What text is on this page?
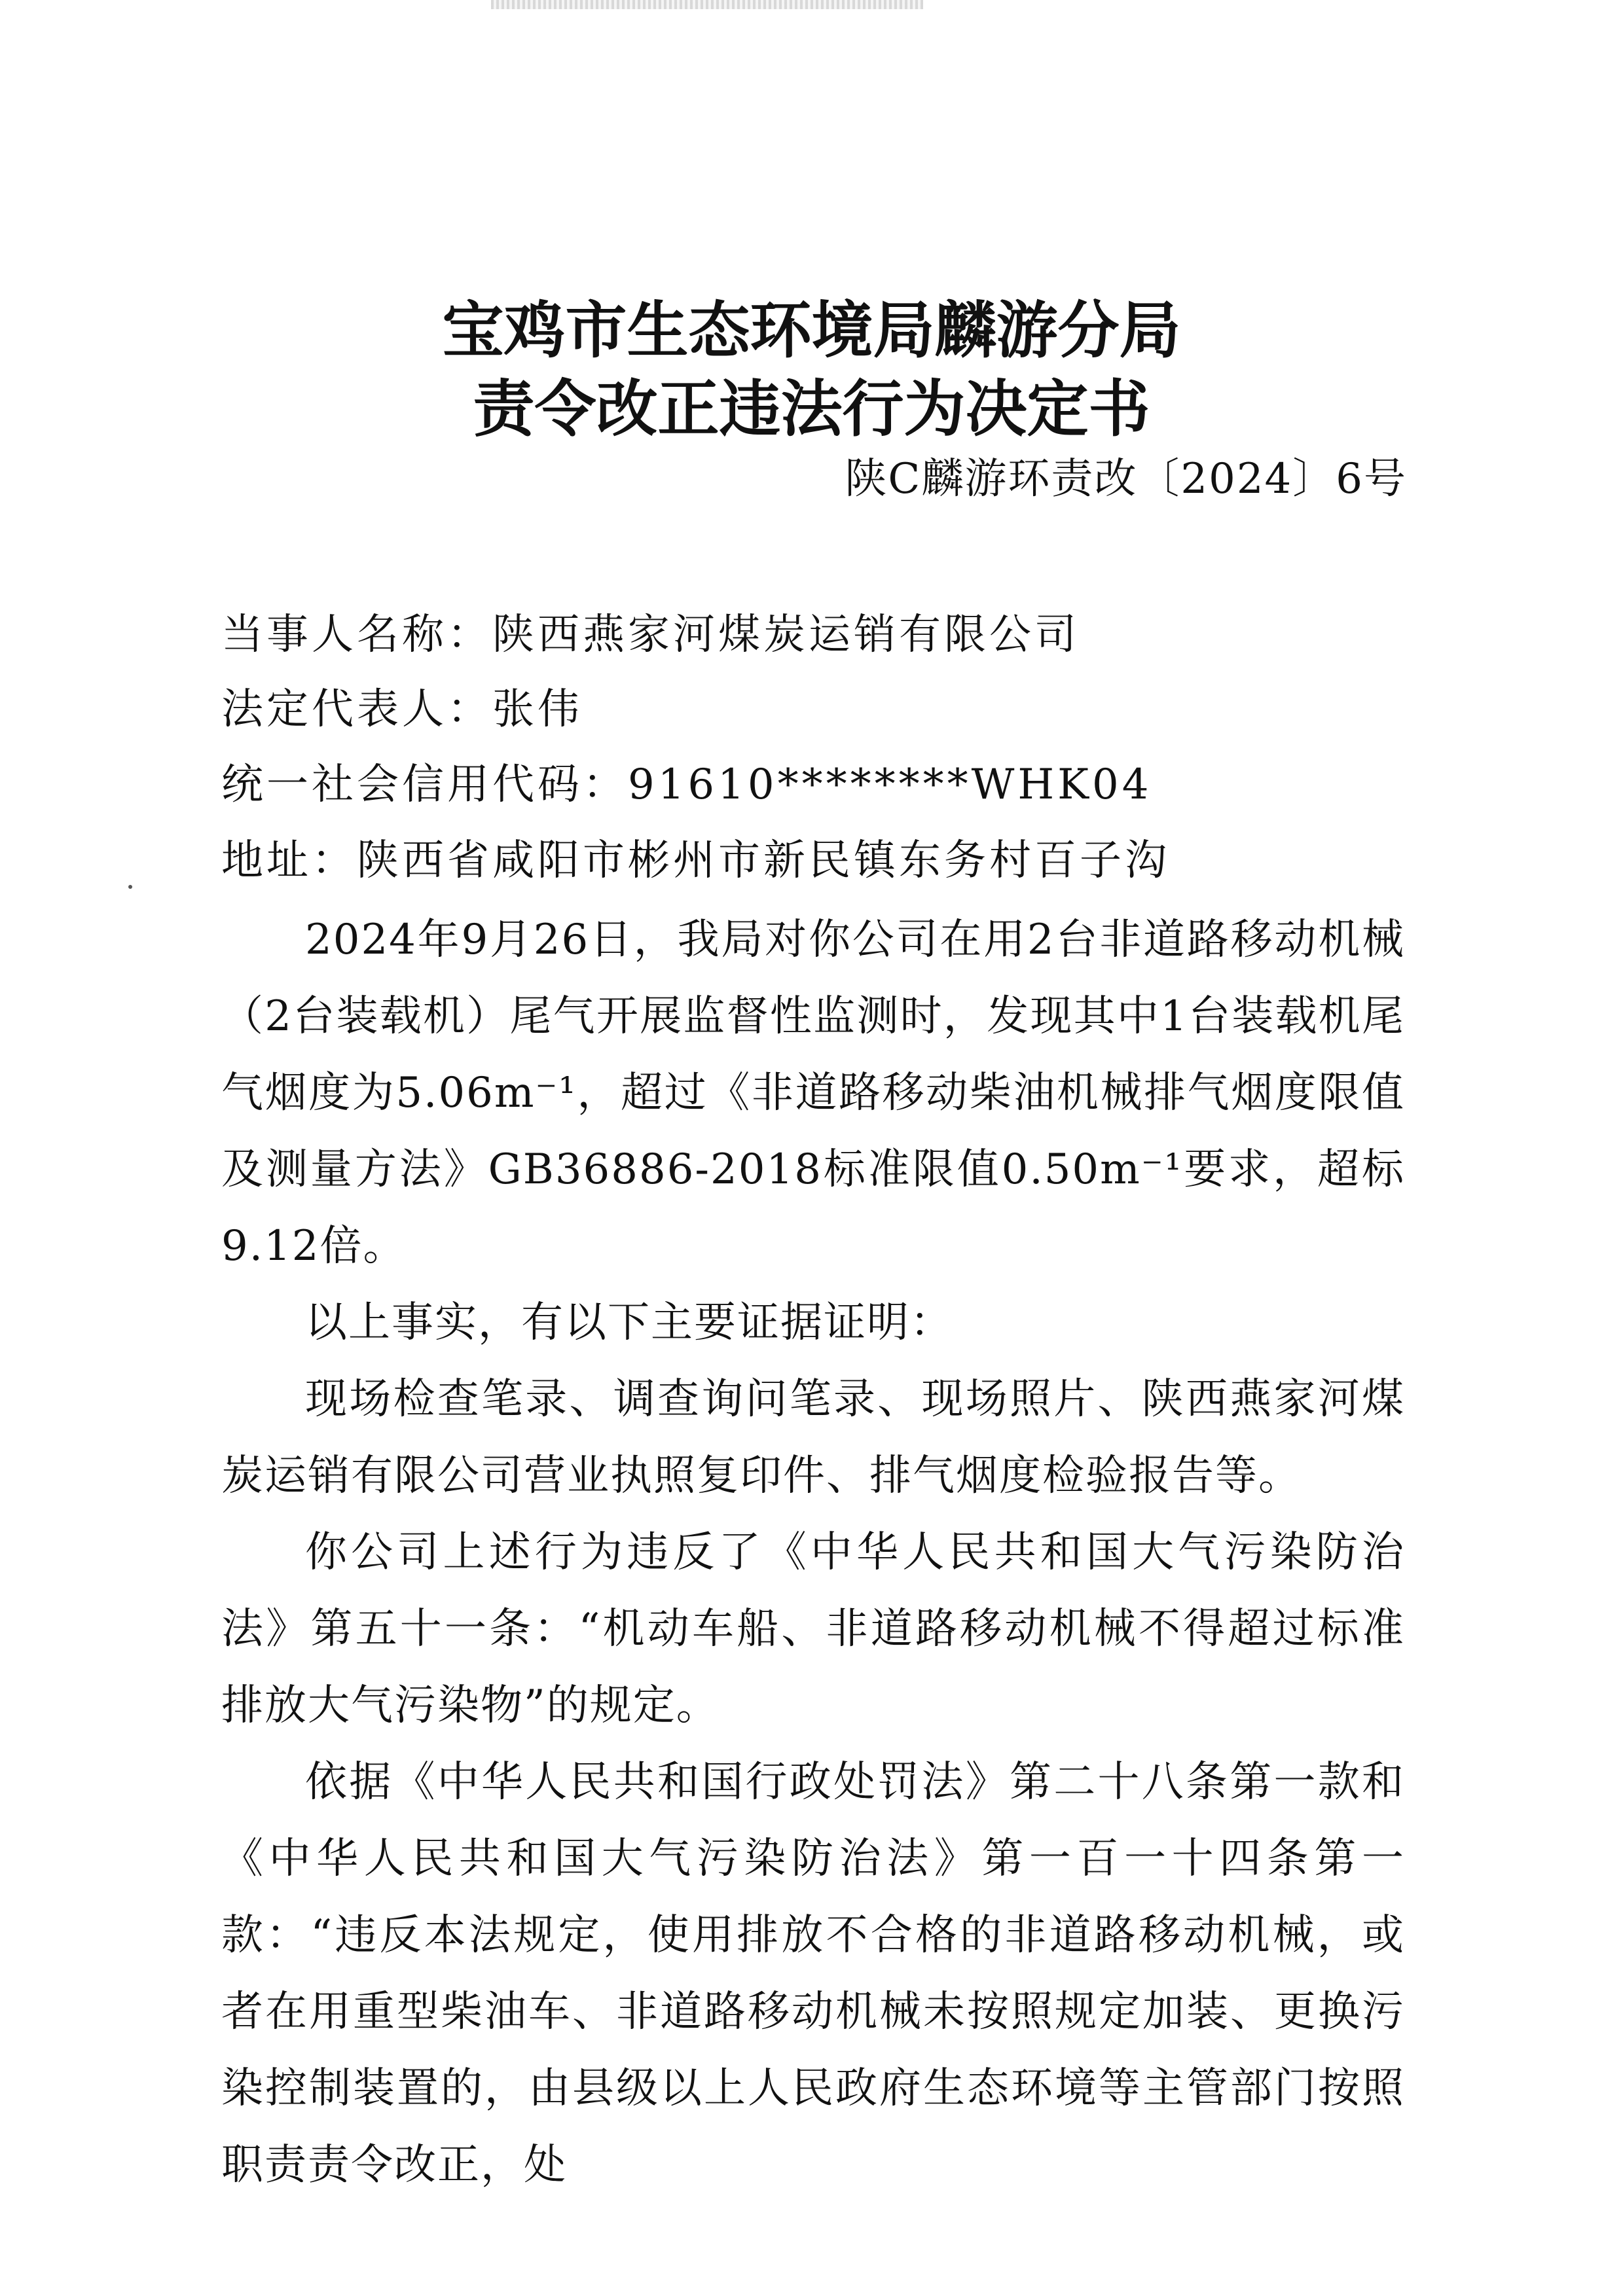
宝鸡市生态环境局麟游分局
责令改正违法行为决定书
陕C麟游环责改〔2024〕6号
当事人名称：陕西燕家河煤炭运销有限公司
法定代表人：张伟
统一社会信用代码：91610********WHK04
地址：陕西省咸阳市彬州市新民镇东务村百子沟

2024年9月26日，我局对你公司在用2台非道路移动机械（2台装载机）尾气开展监督性监测时，发现其中1台装载机尾气烟度为5.06m⁻¹，超过《非道路移动柴油机械排气烟度限值及测量方法》GB36886-2018标准限值0.50m⁻¹要求，超标9.12倍。

以上事实，有以下主要证据证明：

现场检查笔录、调查询问笔录、现场照片、陕西燕家河煤炭运销有限公司营业执照复印件、排气烟度检验报告等。

你公司上述行为违反了《中华人民共和国大气污染防治法》第五十一条：“机动车船、非道路移动机械不得超过标准排放大气污染物”的规定。

依据《中华人民共和国行政处罚法》第二十八条第一款和《中华人民共和国大气污染防治法》第一百一十四条第一款：“违反本法规定，使用排放不合格的非道路移动机械，或者在用重型柴油车、非道路移动机械未按照规定加装、更换污染控制装置的，由县级以上人民政府生态环境等主管部门按照职责责令改正，处
